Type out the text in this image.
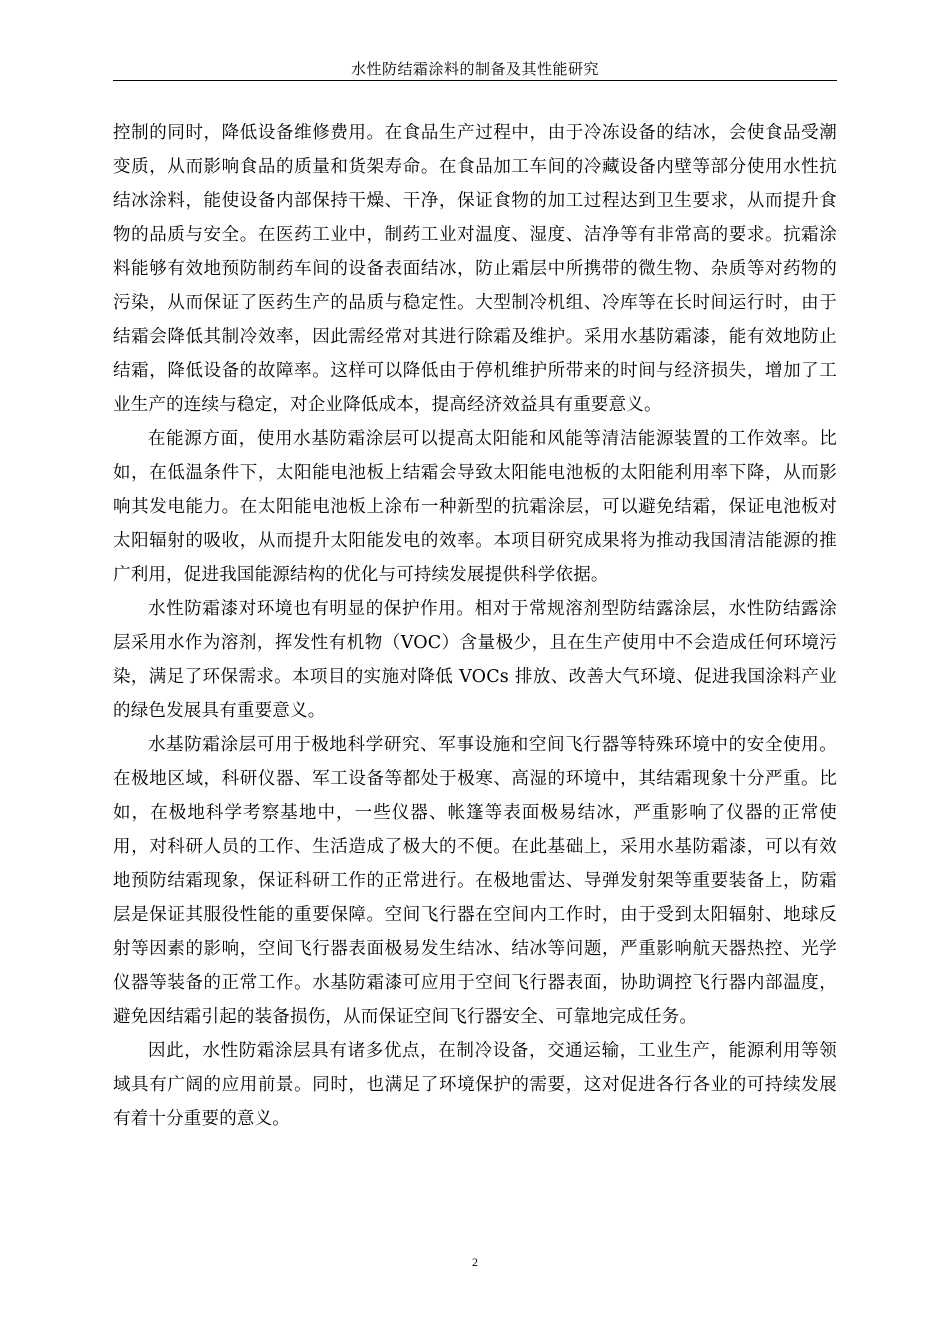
水性防结霜涂料的制备及其性能研究

控制的同时，降低设备维修费用。在食品生产过程中，由于冷冻设备的结冰，会使食品受潮变质，从而影响食品的质量和货架寿命。在食品加工车间的冷藏设备内壁等部分使用水性抗结冰涂料，能使设备内部保持干燥、干净，保证食物的加工过程达到卫生要求，从而提升食物的品质与安全。在医药工业中，制药工业对温度、湿度、洁净等有非常高的要求。抗霜涂料能够有效地预防制药车间的设备表面结冰，防止霜层中所携带的微生物、杂质等对药物的污染，从而保证了医药生产的品质与稳定性。大型制冷机组、冷库等在长时间运行时，由于结霜会降低其制冷效率，因此需经常对其进行除霜及维护。采用水基防霜漆，能有效地防止结霜，降低设备的故障率。这样可以降低由于停机维护所带来的时间与经济损失，增加了工业生产的连续与稳定，对企业降低成本，提高经济效益具有重要意义。

在能源方面，使用水基防霜涂层可以提高太阳能和风能等清洁能源装置的工作效率。比如，在低温条件下，太阳能电池板上结霜会导致太阳能电池板的太阳能利用率下降，从而影响其发电能力。在太阳能电池板上涂布一种新型的抗霜涂层，可以避免结霜，保证电池板对太阳辐射的吸收，从而提升太阳能发电的效率。本项目研究成果将为推动我国清洁能源的推广利用，促进我国能源结构的优化与可持续发展提供科学依据。

水性防霜漆对环境也有明显的保护作用。相对于常规溶剂型防结露涂层，水性防结露涂层采用水作为溶剂，挥发性有机物（VOC）含量极少，且在生产使用中不会造成任何环境污染，满足了环保需求。本项目的实施对降低 VOCs 排放、改善大气环境、促进我国涂料产业的绿色发展具有重要意义。

水基防霜涂层可用于极地科学研究、军事设施和空间飞行器等特殊环境中的安全使用。在极地区域，科研仪器、军工设备等都处于极寒、高湿的环境中，其结霜现象十分严重。比如，在极地科学考察基地中，一些仪器、帐篷等表面极易结冰，严重影响了仪器的正常使用，对科研人员的工作、生活造成了极大的不便。在此基础上，采用水基防霜漆，可以有效地预防结霜现象，保证科研工作的正常进行。在极地雷达、导弹发射架等重要装备上，防霜层是保证其服役性能的重要保障。空间飞行器在空间内工作时，由于受到太阳辐射、地球反射等因素的影响，空间飞行器表面极易发生结冰、结冰等问题，严重影响航天器热控、光学仪器等装备的正常工作。水基防霜漆可应用于空间飞行器表面，协助调控飞行器内部温度，避免因结霜引起的装备损伤，从而保证空间飞行器安全、可靠地完成任务。

因此，水性防霜涂层具有诸多优点，在制冷设备，交通运输，工业生产，能源利用等领域具有广阔的应用前景。同时，也满足了环境保护的需要，这对促进各行各业的可持续发展有着十分重要的意义。

2
